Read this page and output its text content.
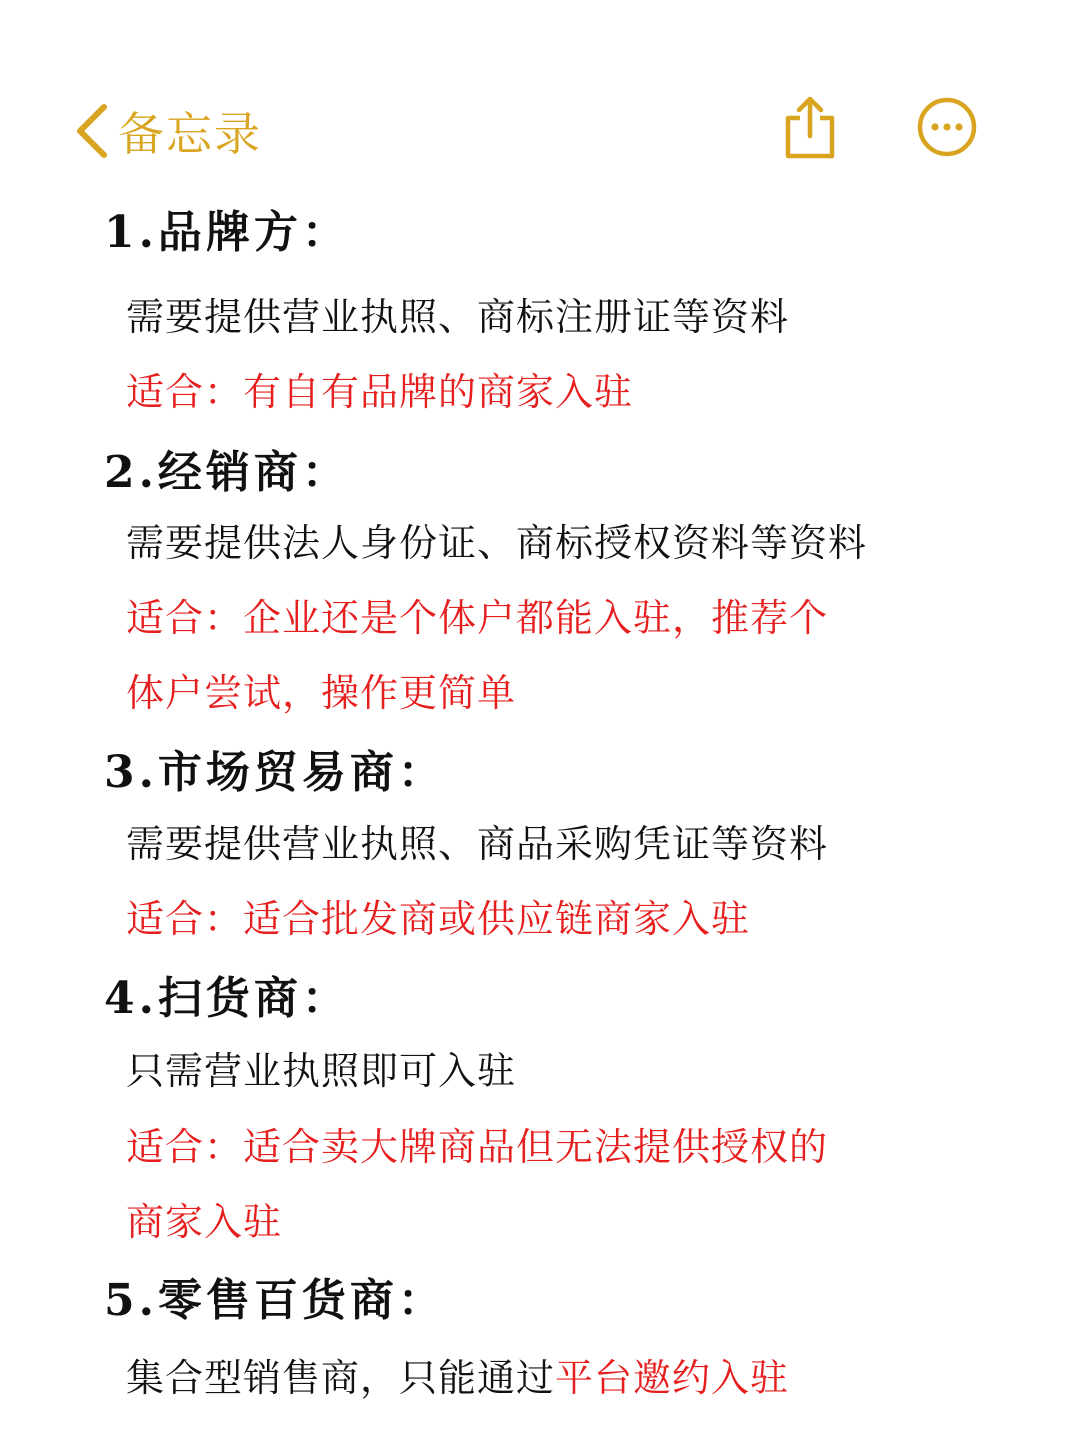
备忘录
1.品牌方：
需要提供营业执照、商标注册证等资料
适合：有自有品牌的商家入驻
2.经销商：
需要提供法人身份证、商标授权资料等资料
适合：企业还是个体户都能入驻，推荐个
体户尝试，操作更简单
3.市场贸易商：
需要提供营业执照、商品采购凭证等资料
适合：适合批发商或供应链商家入驻
4.扫货商：
只需营业执照即可入驻
适合：适合卖大牌商品但无法提供授权的
商家入驻
5.零售百货商：
集合型销售商，只能通过平台邀约入驻
